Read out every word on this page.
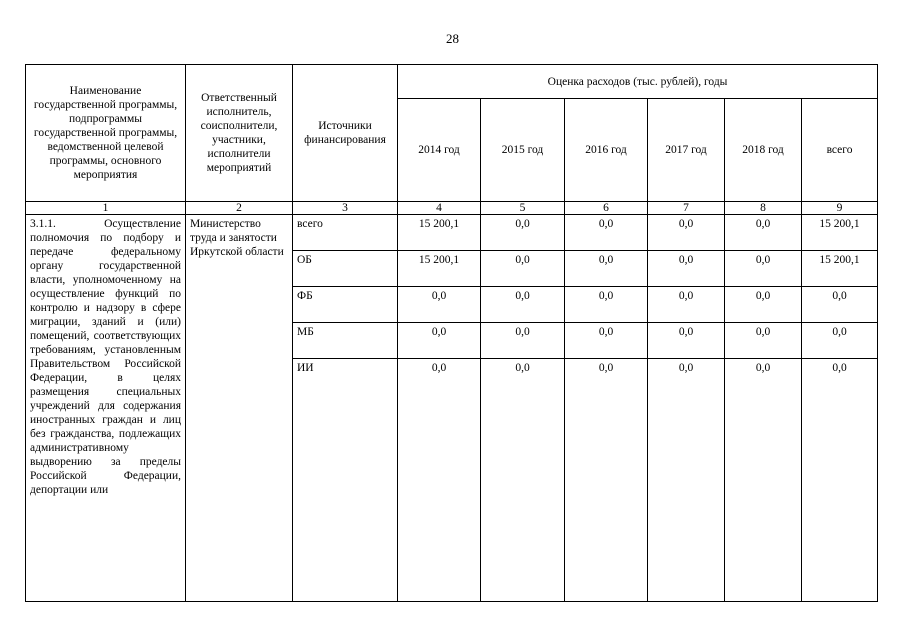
28
Наименование государственной программы, подпрограммы государственной программы, ведомственной целевой программы, основного мероприятия	Ответственный исполнитель, соисполнители, участники, исполнители мероприятий	Источники финансирования	Оценка расходов (тыс. рублей), годы					
			2014 год	2015 год	2016 год	2017 год	2018 год	всего
1	2	3	4	5	6	7	8	9
3.1.1. Осуществление полномочия по подбору и передаче федеральному органу государственной власти, уполномоченному на осуществление функций по контролю и надзору в сфере миграции, зданий и (или) помещений, соответствующих требованиям, установленным Правительством Российской Федерации, в целях размещения специальных учреждений для содержания иностранных граждан и лиц без гражданства, подлежащих административному выдворению за пределы Российской Федерации, депортации или	Министерство труда и занятости Иркутской области	всего	15 200,1	0,0	0,0	0,0	0,0	15 200,1
		ОБ	15 200,1	0,0	0,0	0,0	0,0	15 200,1
		ФБ	0,0	0,0	0,0	0,0	0,0	0,0
		МБ	0,0	0,0	0,0	0,0	0,0	0,0
		ИИ	0,0	0,0	0,0	0,0	0,0	0,0
